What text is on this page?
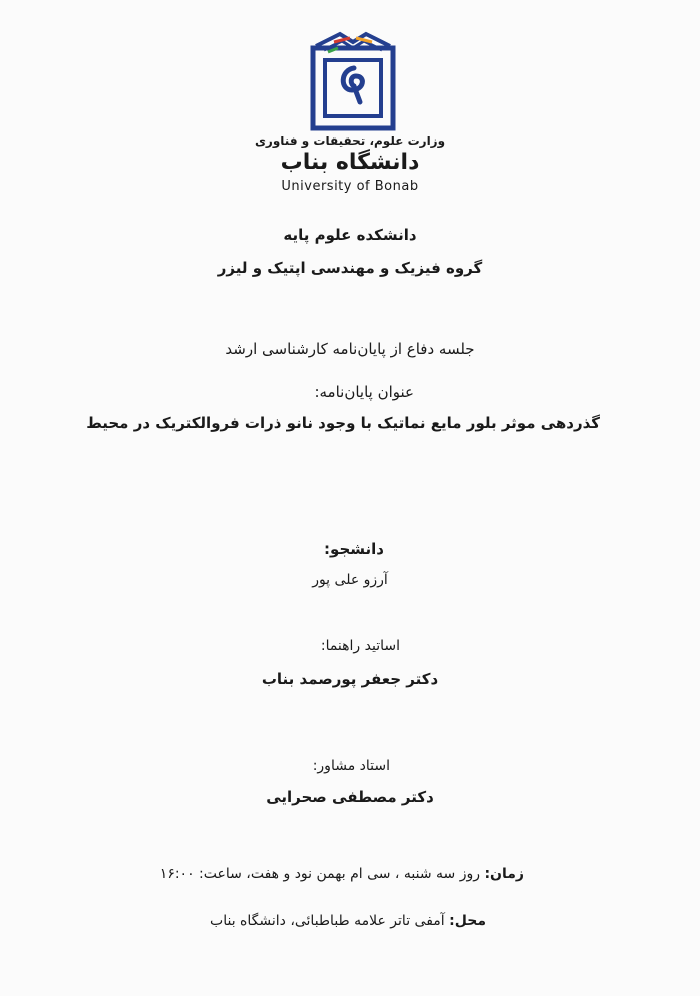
وزارت علوم، تحقیقات و فناوری
دانشگاه بناب
University of Bonab
دانشکده علوم پایه
گروه فیزیک و مهندسی اپتیک و لیزر
جلسه دفاع از پایان‌نامه کارشناسی ارشد
عنوان پایان‌نامه:
گذردهی موثر بلور مایع نماتیک با وجود نانو ذرات فروالکتریک در محیط
دانشجو:
آرزو علی پور
اساتید راهنما:
دکتر جعفر پورصمد بناب
استاد مشاور:
دکتر مصطفی صحرایی
زمان: روز سه شنبه ، سی ام بهمن نود و هفت، ساعت: ۱۶:۰۰
محل: آمفی تاتر علامه طباطبائی، دانشگاه بناب
